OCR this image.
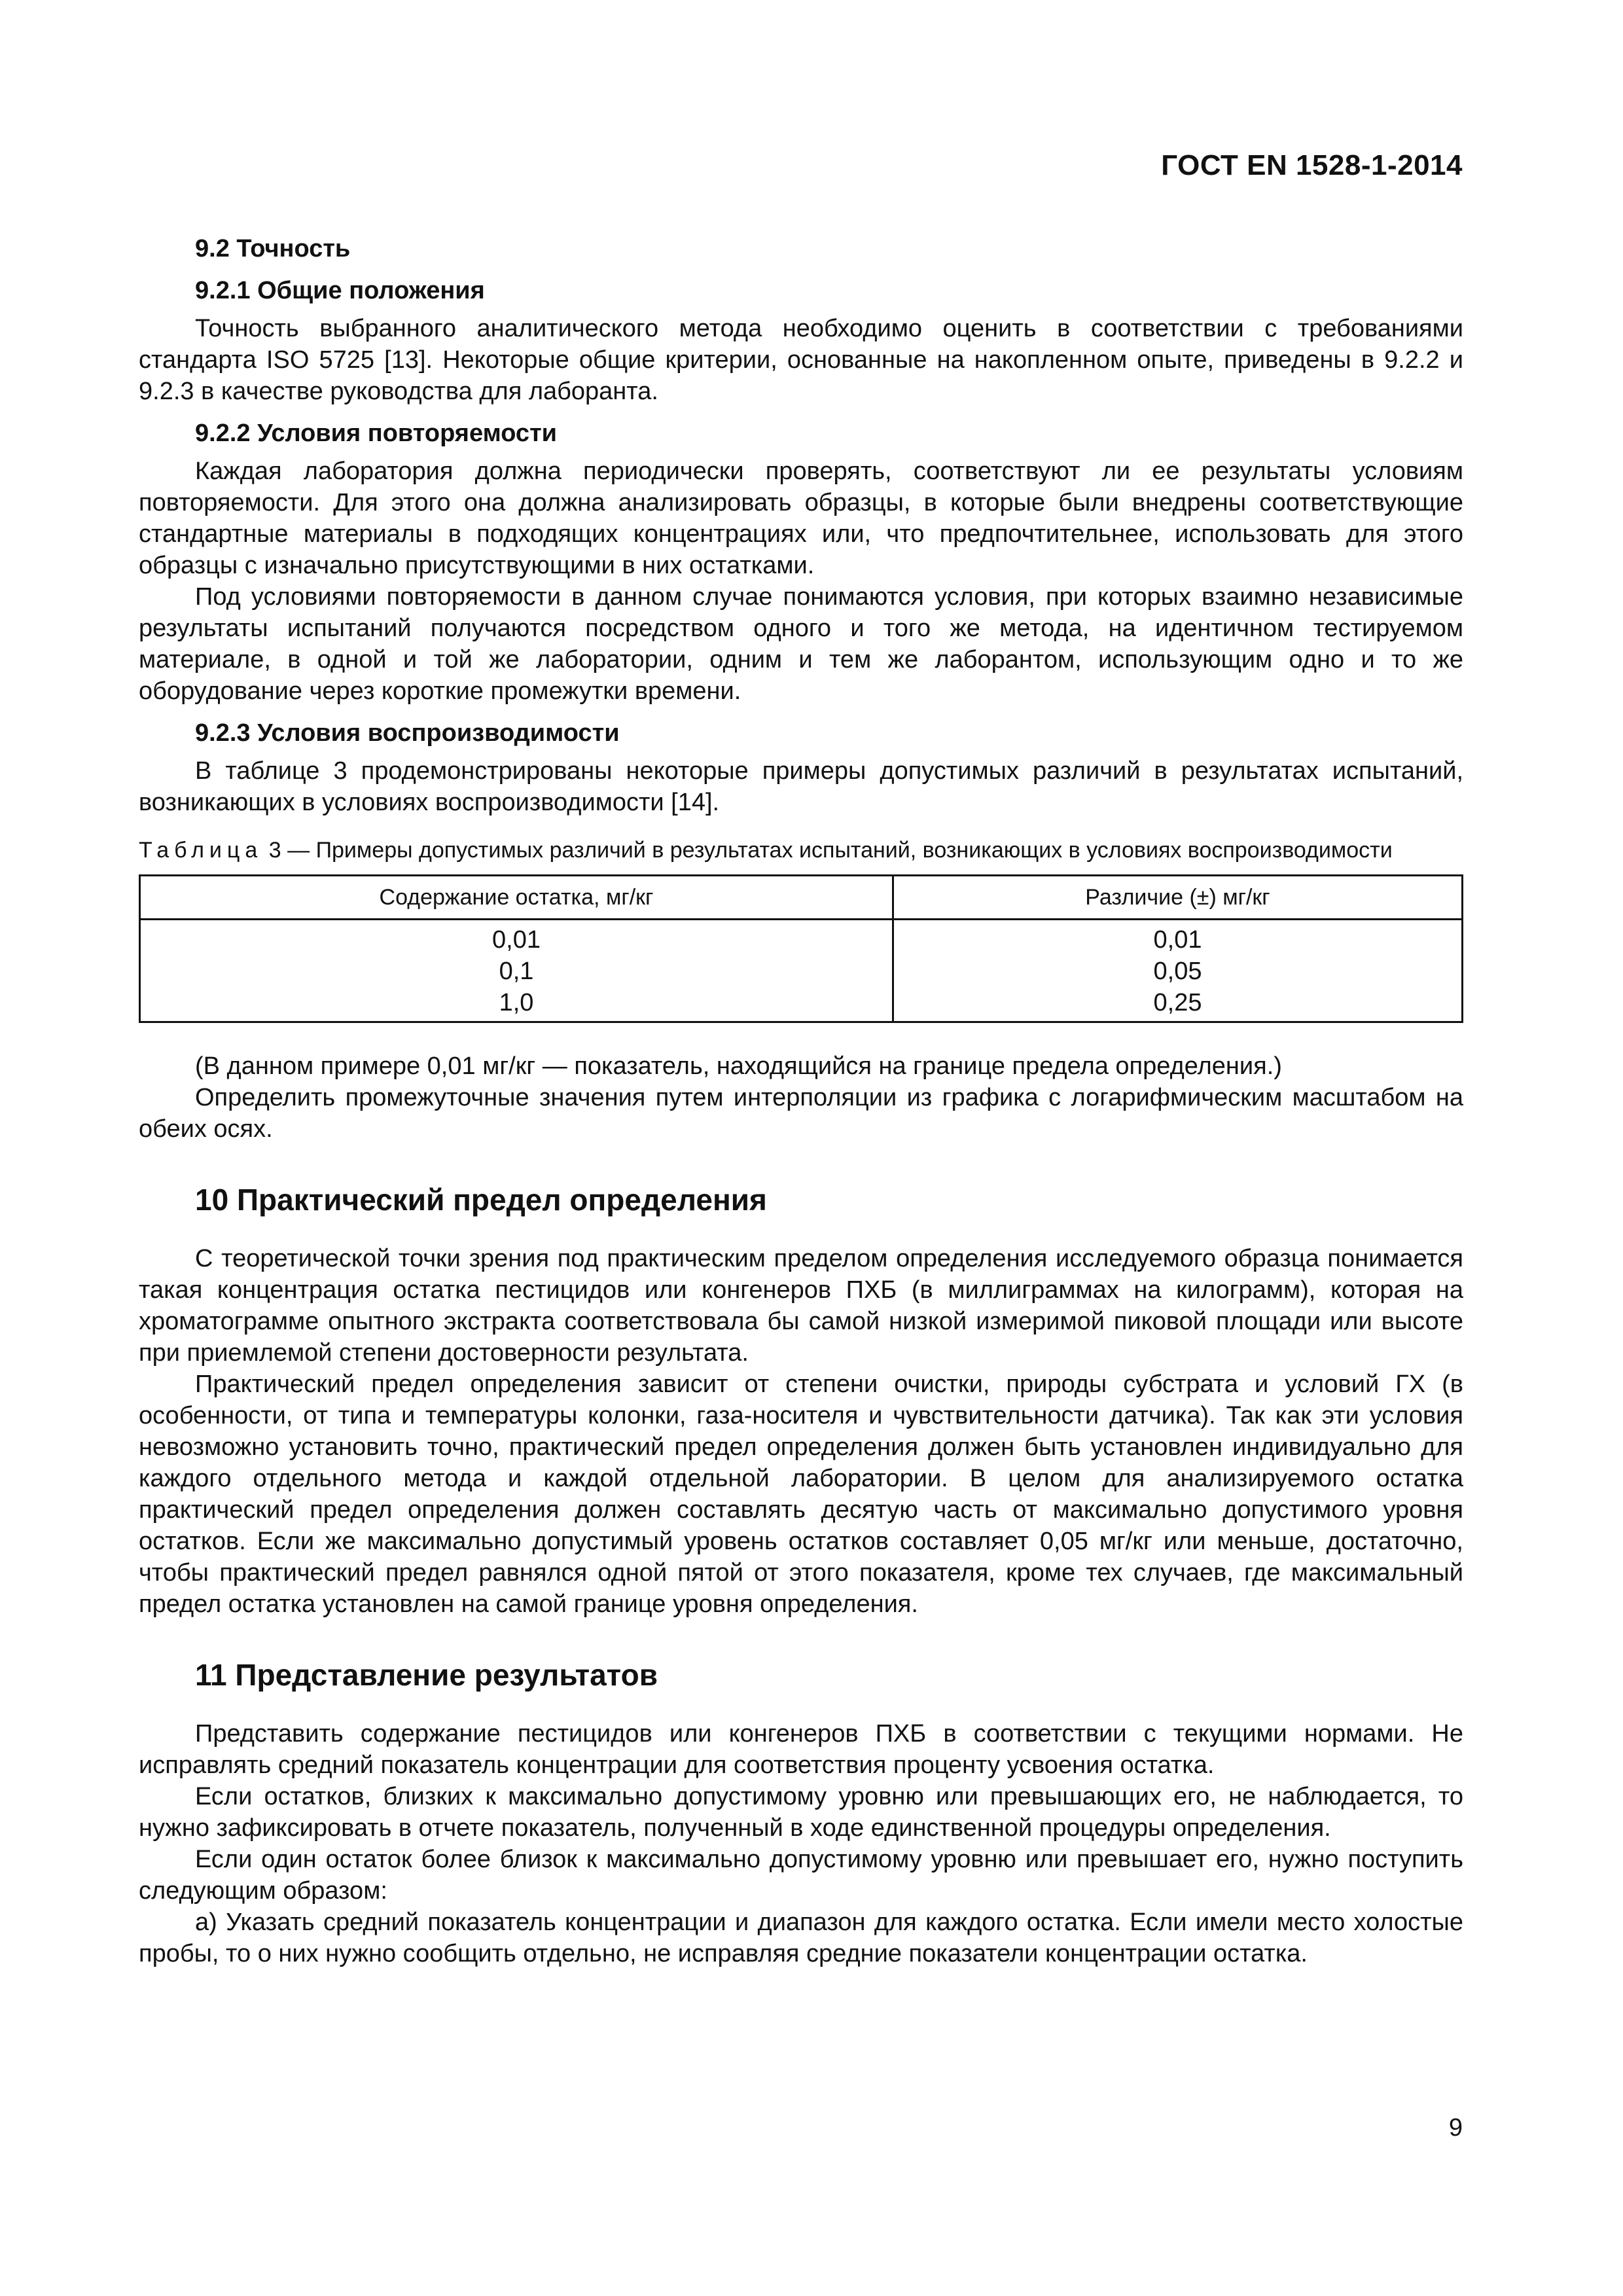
ГОСТ EN 1528-1-2014

9.2 Точность

9.2.1 Общие положения

Точность выбранного аналитического метода необходимо оценить в соответствии с требованиями стандарта ISO 5725 [13]. Некоторые общие критерии, основанные на накопленном опыте, приведены в 9.2.2 и 9.2.3 в качестве руководства для лаборанта.

9.2.2 Условия повторяемости

Каждая лаборатория должна периодически проверять, соответствуют ли ее результаты условиям повторяемости. Для этого она должна анализировать образцы, в которые были внедрены соответствующие стандартные материалы в подходящих концентрациях или, что предпочтительнее, использовать для этого образцы с изначально присутствующими в них остатками.

Под условиями повторяемости в данном случае понимаются условия, при которых взаимно независимые результаты испытаний получаются посредством одного и того же метода, на идентичном тестируемом материале, в одной и той же лаборатории, одним и тем же лаборантом, использующим одно и то же оборудование через короткие промежутки времени.

9.2.3 Условия воспроизводимости

В таблице 3 продемонстрированы некоторые примеры допустимых различий в результатах испытаний, возникающих в условиях воспроизводимости [14].

Таблица 3 — Примеры допустимых различий в результатах испытаний, возникающих в условиях воспроизводимости

Содержание остатка, мг/кг	Различие (±) мг/кг
0,01	0,01
0,1	0,05
1,0	0,25

(В данном примере 0,01 мг/кг — показатель, находящийся на границе предела определения.)

Определить промежуточные значения путем интерполяции из графика с логарифмическим масштабом на обеих осях.

10 Практический предел определения

С теоретической точки зрения под практическим пределом определения исследуемого образца понимается такая концентрация остатка пестицидов или конгенеров ПХБ (в миллиграммах на килограмм), которая на хроматограмме опытного экстракта соответствовала бы самой низкой измеримой пиковой площади или высоте при приемлемой степени достоверности результата.

Практический предел определения зависит от степени очистки, природы субстрата и условий ГХ (в особенности, от типа и температуры колонки, газа-носителя и чувствительности датчика). Так как эти условия невозможно установить точно, практический предел определения должен быть установлен индивидуально для каждого отдельного метода и каждой отдельной лаборатории. В целом для анализируемого остатка практический предел определения должен составлять десятую часть от максимально допустимого уровня остатков. Если же максимально допустимый уровень остатков составляет 0,05 мг/кг или меньше, достаточно, чтобы практический предел равнялся одной пятой от этого показателя, кроме тех случаев, где максимальный предел остатка установлен на самой границе уровня определения.

11 Представление результатов

Представить содержание пестицидов или конгенеров ПХБ в соответствии с текущими нормами. Не исправлять средний показатель концентрации для соответствия проценту усвоения остатка.

Если остатков, близких к максимально допустимому уровню или превышающих его, не наблюдается, то нужно зафиксировать в отчете показатель, полученный в ходе единственной процедуры определения.

Если один остаток более близок к максимально допустимому уровню или превышает его, нужно поступить следующим образом:

а) Указать средний показатель концентрации и диапазон для каждого остатка. Если имели место холостые пробы, то о них нужно сообщить отдельно, не исправляя средние показатели концентрации остатка.

9
